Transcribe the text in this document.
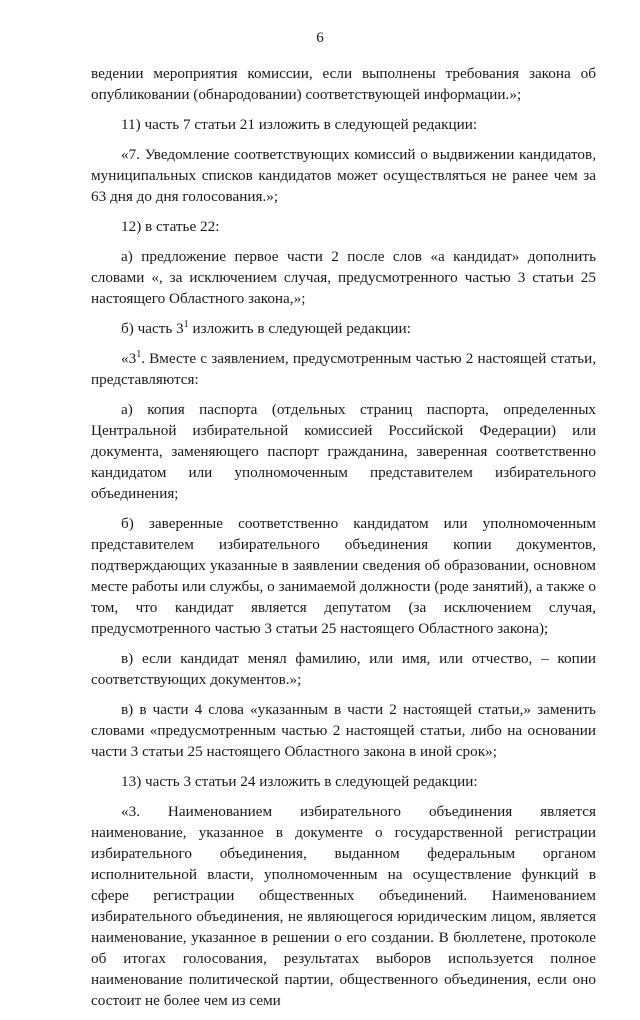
6

ведении мероприятия комиссии, если выполнены требования закона об опубликовании (обнародовании) соответствующей информации.»;

11) часть 7 статьи 21 изложить в следующей редакции:

«7. Уведомление соответствующих комиссий о выдвижении кандидатов, муниципальных списков кандидатов может осуществляться не ранее чем за 63 дня до дня голосования.»;

12) в статье 22:

а) предложение первое части 2 после слов «а кандидат» дополнить словами «, за исключением случая, предусмотренного частью 3 статьи 25 настоящего Областного закона,»;

б) часть $3^1$ изложить в следующей редакции:

«$3^1$. Вместе с заявлением, предусмотренным частью 2 настоящей статьи, представляются:

а) копия паспорта (отдельных страниц паспорта, определенных Центральной избирательной комиссией Российской Федерации) или документа, заменяющего паспорт гражданина, заверенная соответственно кандидатом или уполномоченным представителем избирательного объединения;

б) заверенные соответственно кандидатом или уполномоченным представителем избирательного объединения копии документов, подтверждающих указанные в заявлении сведения об образовании, основном месте работы или службы, о занимаемой должности (роде занятий), а также о том, что кандидат является депутатом (за исключением случая, предусмотренного частью 3 статьи 25 настоящего Областного закона);

в) если кандидат менял фамилию, или имя, или отчество, – копии соответствующих документов.»;

в) в части 4 слова «указанным в части 2 настоящей статьи,» заменить словами «предусмотренным частью 2 настоящей статьи, либо на основании части 3 статьи 25 настоящего Областного закона в иной срок»;

13) часть 3 статьи 24 изложить в следующей редакции:

«3. Наименованием избирательного объединения является наименование, указанное в документе о государственной регистрации избирательного объединения, выданном федеральным органом исполнительной власти, уполномоченным на осуществление функций в сфере регистрации общественных объединений. Наименованием избирательного объединения, не являющегося юридическим лицом, является наименование, указанное в решении о его создании. В бюллетене, протоколе об итогах голосования, результатах выборов используется полное наименование политической партии, общественного объединения, если оно состоит не более чем из семи
